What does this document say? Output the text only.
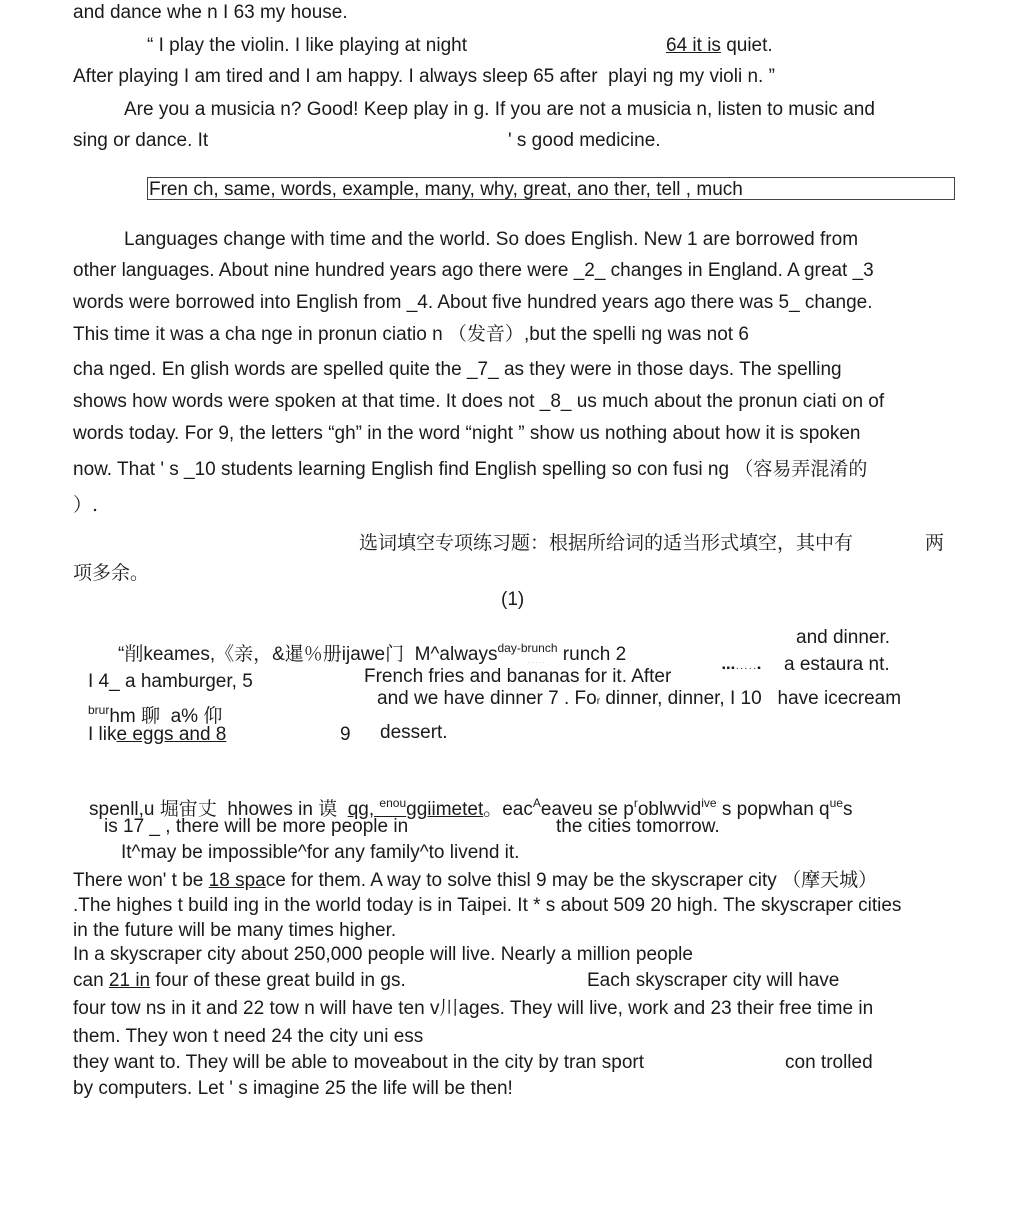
and dance whe n I 63 my house.
“ I play the violin. I like playing at night	64 it is quiet.
After playing I am tired and I am happy. I always sleep 65 after  playi ng my violi n. ”
Are you a musicia n? Good! Keep play in g. If you are not a musicia n, listen to music and
sing or dance. It	' s good medicine.
Fren ch, same, words, example, many, why, great, ano ther, tell , much
Languages change with time and the world. So does English. New 1 are borrowed from
other languages. About nine hundred years ago there were _2_ changes in England. A great _3
words were borrowed into English from _4. About five hundred years ago there was 5_ change.
This time it was a cha nge in pronun ciatio n （发音）,but the spelli ng was not 6
cha nged. En glish words are spelled quite the _7_ as they were in those days. The spelling
shows how words were spoken at that time. It does not _8_ us much about the pronun ciati on of
words today. For 9, the letters “gh” in the word “night ” show us nothing about how it is spoken
now. That ' s _10 students learning English find English spelling so con fusi ng （容易弄混淆的
）.
选词填空专项练习题：根据所给词的适当形式填空，其中有	两
项多余。
(1)
“削keames,《亲，&暹％册ijawe门  M^always$^{day-brunch}$ runch 2
and dinner.
· · · · ·
I 4_ a hamburger, 5	French fries and bananas for it. After	▪▪▪·····▪ a estaura nt.
$^{brur}$hm 聊  a% 仰
and we have dinner 7 . For dinner, dinner, I 10   have icecream
I like eggs and 8	9 dessert.
spenll,u 堀宙丈  hhowes in 谟  qg, $^{enou}$ggiimetet。eac$^A$eaveu se $p^roblwvid^{ive}$ s popwhan $q^{ue}s$
is 17 _ , there will be more people in	the cities tomorrow.
It^may be impossible^for any family^to livend it.
There won' t be 18 space for them. A way to solve thisl 9 may be the skyscraper city （摩天城）
.The highes t build ing in the world today is in Taipei. It * s about 509 20 high. The skyscraper cities
in the future will be many times higher.
In a skyscraper city about 250,000 people will live. Nearly a million people
can 21 in four of these great build in gs.	Each skyscraper city will have
four tow ns in it and 22 tow n will have ten v川ages. They will live, work and 23 their free time in
them. They won t need 24 the city uni ess
they want to. They will be able to moveabout in the city by tran sport	con trolled
by computers. Let ' s imagine 25 the life will be then!
